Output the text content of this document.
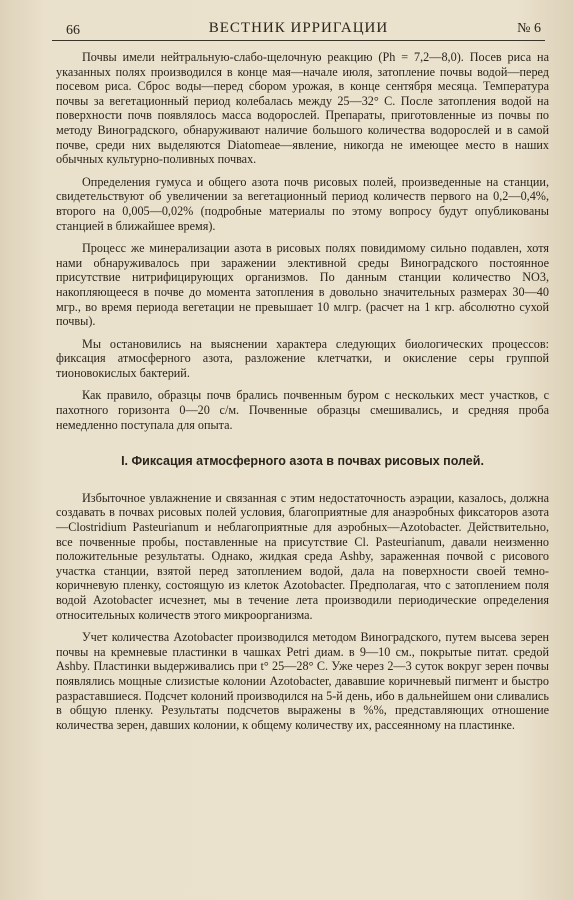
66	ВЕСТНИК ИРРИГАЦИИ	№ 6

Почвы имели нейтральную-слабо-щелочную реакцию (Ph = 7,2—8,0). Посев риса на указанных полях производился в конце мая—начале июля, затопление почвы водой—перед посевом риса. Сброс воды—перед сбором урожая, в конце сентября месяца. Температура почвы за вегетационный период колебалась между 25—32° С. После затопления водой на поверхности почв появлялось масса водорослей. Препараты, приготовленные из почвы по методу Виноградского, обнаруживают наличие большого количества водорослей и в самой почве, среди них выделяются Diatomeae—явление, никогда не имеющее место в наших обычных культурно-поливных почвах.

Определения гумуса и общего азота почв рисовых полей, произведенные на станции, свидетельствуют об увеличении за вегетационный период количеств первого на 0,2—0,4%, второго на 0,005—0,02% (подробные материалы по этому вопросу будут опубликованы станцией в ближайшее время).

Процесс же минерализации азота в рисовых полях повидимому сильно подавлен, хотя нами обнаруживалось при заражении элективной среды Виноградского постоянное присутствие нитрифицирующих организмов. По данным станции количество NO3, накопляющееся в почве до момента затопления в довольно значительных размерах 30—40 мгр., во время периода вегетации не превышает 10 млгр. (расчет на 1 кгр. абсолютно сухой почвы).

Мы остановились на выяснении характера следующих биологических процессов: фиксация атмосферного азота, разложение клетчатки, и окисление серы группой тионовокислых бактерий.

Как правило, образцы почв брались почвенным буром с нескольких мест участков, с пахотного горизонта 0—20 с/м. Почвенные образцы смешивались, и средняя проба немедленно поступала для опыта.

I. Фиксация атмосферного азота в почвах рисовых полей.

Избыточное увлажнение и связанная с этим недостаточность аэрации, казалось, должна создавать в почвах рисовых полей условия, благоприятные для анаэробных фиксаторов азота—Clostridium Pasteurianum и неблагоприятные для аэробных—Azotobacter. Действительно, все почвенные пробы, поставленные на присутствие Cl. Pasteurianum, давали неизменно положительные результаты. Однако, жидкая среда Ashby, зараженная почвой с рисового участка станции, взятой перед затоплением водой, дала на поверхности своей темно-коричневую пленку, состоящую из клеток Azotobacter. Предполагая, что с затоплением поля водой Azotobacter исчезнет, мы в течение лета производили периодические определения относительных количеств этого микроорганизма.

Учет количества Azotobacter производился методом Виноградского, путем высева зерен почвы на кремневые пластинки в чашках Petri диам. в 9—10 см., покрытые питат. средой Ashby. Пластинки выдерживались при t° 25—28° С. Уже через 2—3 суток вокруг зерен почвы появлялись мощные слизистые колонии Azotobacter, дававшие коричневый пигмент и быстро разраставшиеся. Подсчет колоний производился на 5-й день, ибо в дальнейшем они сливались в общую пленку. Результаты подсчетов выражены в %%, представляющих отношение количества зерен, давших колонии, к общему количеству их, рассеянному на пластинке.
